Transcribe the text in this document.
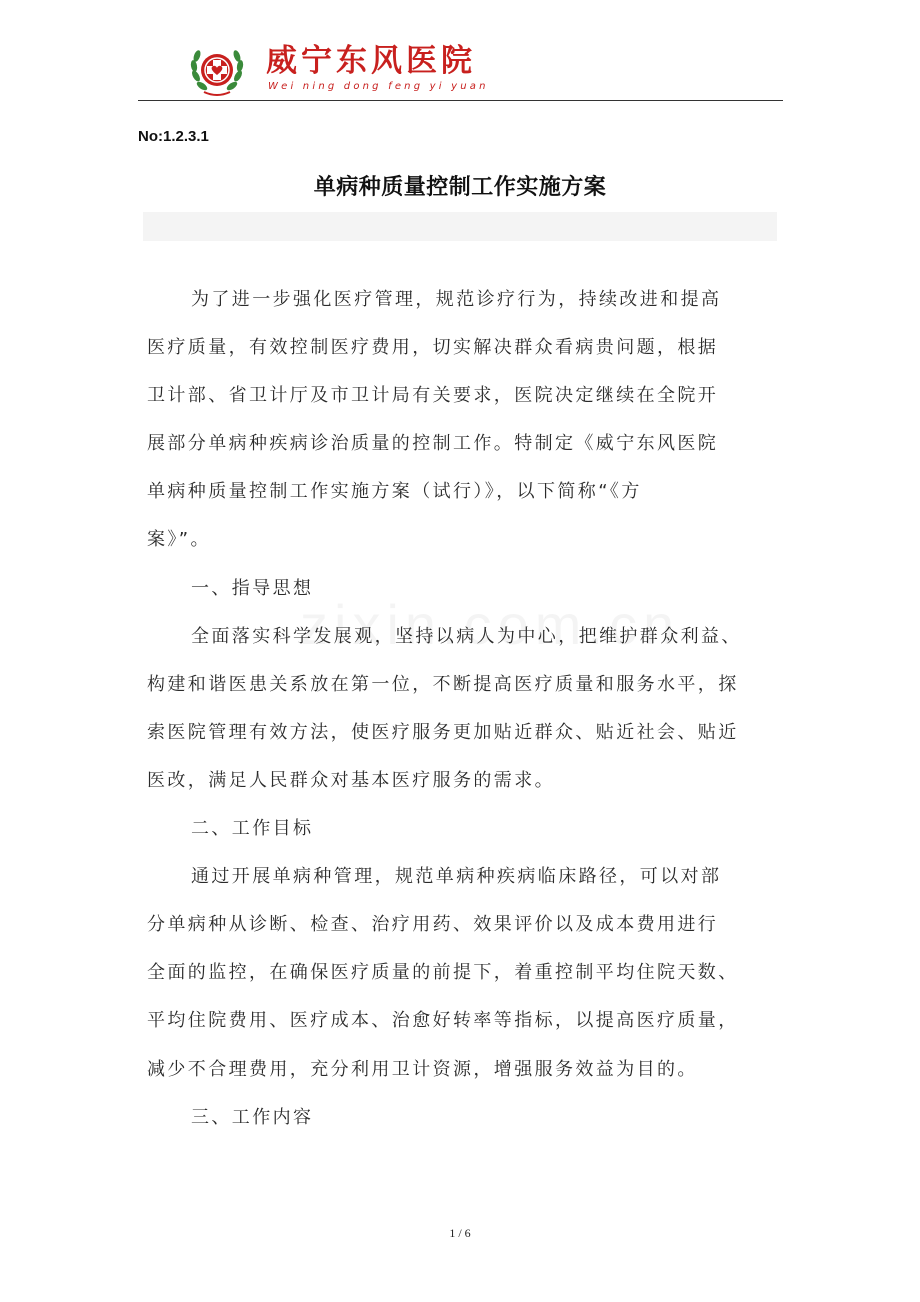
威宁东风医院
Wei ning dong feng yi yuan
No:1.2.3.1
单病种质量控制工作实施方案
为了进一步强化医疗管理，规范诊疗行为，持续改进和提高
医疗质量，有效控制医疗费用，切实解决群众看病贵问题，根据
卫计部、省卫计厅及市卫计局有关要求，医院决定继续在全院开
展部分单病种疾病诊治质量的控制工作。特制定《威宁东风医院
单病种质量控制工作实施方案（试行）》，以下简称“《方
案》”。
一、指导思想
全面落实科学发展观，坚持以病人为中心，把维护群众利益、
构建和谐医患关系放在第一位，不断提高医疗质量和服务水平，探
索医院管理有效方法，使医疗服务更加贴近群众、贴近社会、贴近
医改，满足人民群众对基本医疗服务的需求。
二、工作目标
通过开展单病种管理，规范单病种疾病临床路径，可以对部
分单病种从诊断、检查、治疗用药、效果评价以及成本费用进行
全面的监控，在确保医疗质量的前提下，着重控制平均住院天数、
平均住院费用、医疗成本、治愈好转率等指标，以提高医疗质量，
减少不合理费用，充分利用卫计资源，增强服务效益为目的。
三、工作内容
1 / 6
